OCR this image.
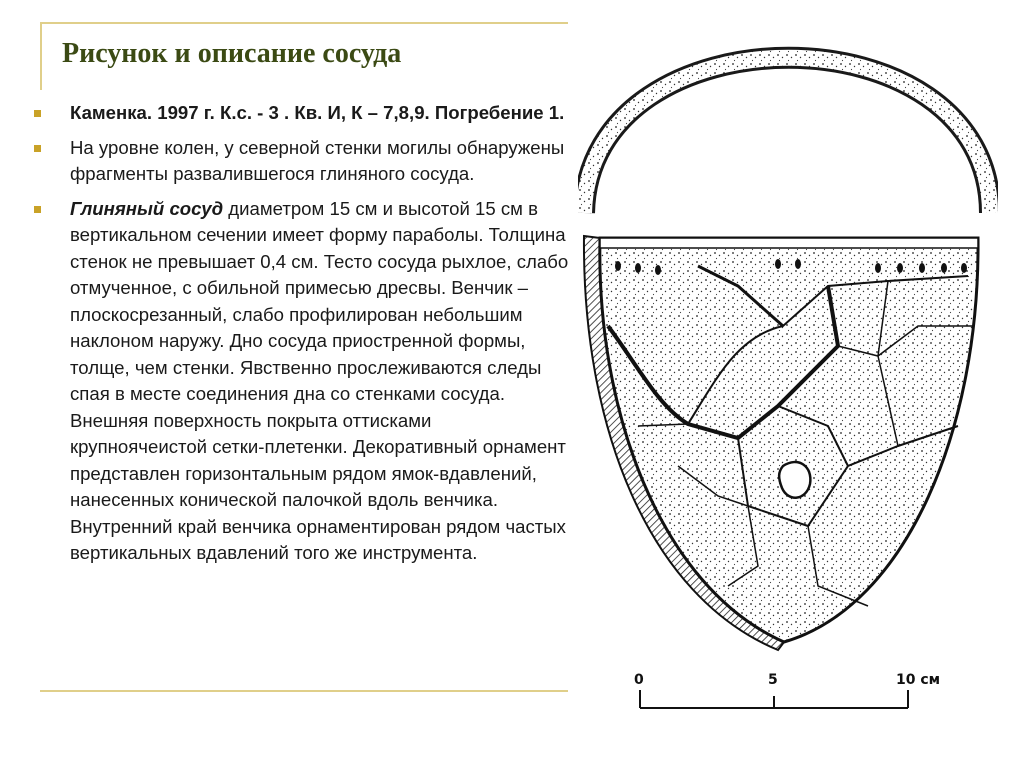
Рисунок и описание сосуда
Каменка. 1997 г. К.с. - 3 . Кв. И, К – 7,8,9. Погребение 1.
На уровне колен, у северной стенки могилы обнаружены фрагменты развалившегося глиняного сосуда.
Глиняный сосуд диаметром 15 см и высотой 15 см в вертикальном сечении имеет форму параболы. Толщина стенок не превышает 0,4 см. Тесто сосуда рыхлое, слабо отмученное, с обильной примесью дресвы. Венчик – плоскосрезанный, слабо профилирован небольшим наклоном наружу. Дно сосуда приостренной формы, толще, чем стенки. Явственно прослеживаются следы спая в месте соединения дна со стенками сосуда. Внешняя поверхность покрыта оттисками крупноячеистой сетки-плетенки. Декоративный орнамент представлен горизонтальным рядом ямок-вдавлений, нанесенных конической палочкой вдоль венчика. Внутренний край венчика орнаментирован рядом частых вертикальных вдавлений того же инструмента.
0	5	10 см
